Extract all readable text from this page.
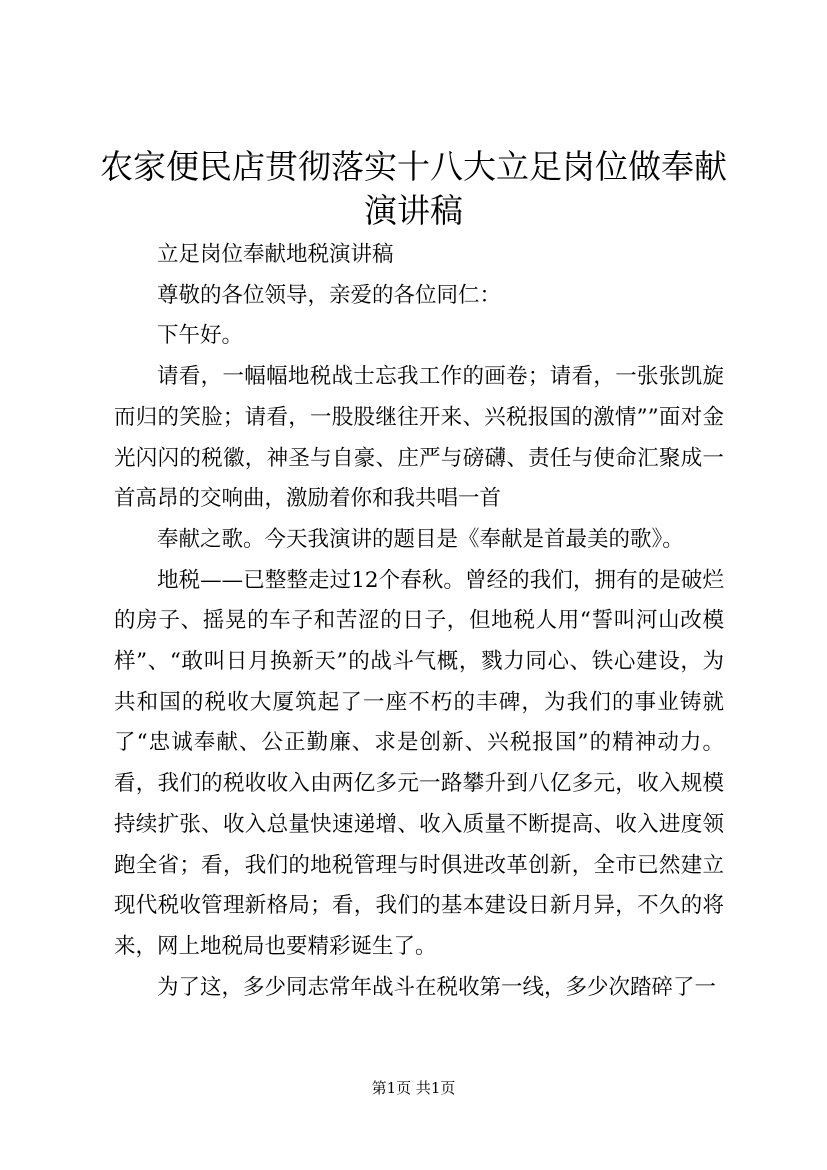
农家便民店贯彻落实十八大立足岗位做奉献演讲稿

立足岗位奉献地税演讲稿

尊敬的各位领导，亲爱的各位同仁：

下午好。

请看，一幅幅地税战士忘我工作的画卷；请看，一张张凯旋而归的笑脸；请看，一股股继往开来、兴税报国的激情””面对金光闪闪的税徽，神圣与自豪、庄严与磅礴、责任与使命汇聚成一首高昂的交响曲，激励着你和我共唱一首

奉献之歌。今天我演讲的题目是《奉献是首最美的歌》。

地税——已整整走过12个春秋。曾经的我们，拥有的是破烂的房子、摇晃的车子和苦涩的日子，但地税人用“誓叫河山改模样”、“敢叫日月换新天”的战斗气概，戮力同心、铁心建设，为共和国的税收大厦筑起了一座不朽的丰碑，为我们的事业铸就了“忠诚奉献、公正勤廉、求是创新、兴税报国”的精神动力。看，我们的税收收入由两亿多元一路攀升到八亿多元，收入规模持续扩张、收入总量快速递增、收入质量不断提高、收入进度领跑全省；看，我们的地税管理与时俱进改革创新，全市已然建立现代税收管理新格局；看，我们的基本建设日新月异，不久的将来，网上地税局也要精彩诞生了。

为了这，多少同志常年战斗在税收第一线，多少次踏碎了一

第1页 共1页
